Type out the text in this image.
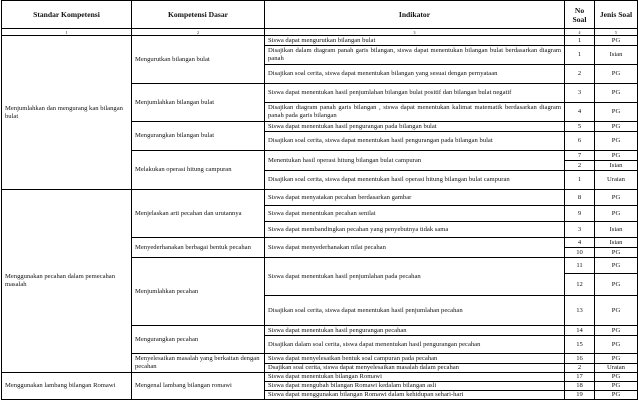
Standar Kompetensi	Kompetensi Dasar	Indikator	No Soal	Jenis Soal
1	2	3	4	5
Menjumlahkan dan mengurang kan bilangan bulat	Mengurutkan bilangan bulat	Siswa dapat mengurutkan bilangan bulat	1	PG
		Disajikan dalam diagram panah garis bilangan, siswa dapat menentukan bilangan bulat berdasarkan diagram panah	1	Isian
		Disajikan soal cerita, siswa dapat menentukan bilangan yang sesuai dengan pernyataan	2	PG
	Menjumlahkan bilangan bulat	Siswa dapat menentukan hasil penjumlahan bilangan bulat positif dan bilangan bulat negatif	3	PG
		Disajikan diagram panah garis bilangan , siswa dapat menentukan kalimat matematik berdasarkan diagram panah pada garis bilangan	4	PG
	Mengurangkan bilangan bulat	Siswa dapat menentukan hasil pengurangan pada bilangan bulat	5	PG
		Disajikan soal cerita, siswa dapat menentukan hasil pengurangan pada bilangan bulat	6	PG
	Melakukan operasi hitung campuran	Menentukan hasil operasi hitung bilangan bulat campuran	7	PG
			2	Isian
		Disajikan soal cerita, siswa dapat menentukan hasil operasi hitung bilangan bulat campuran	1	Uraian
Menggunakan pecahan dalam pemecahan masalah	Menjelaskan arti pecahan dan urutannya	Siswa dapat menyatakan pecahan berdasarkan gambar	8	PG
		Siswa dapat menentukan pecahan senilai	9	PG
		Siswa dapat membandingkan pecahan yang penyebutnya tidak sama	3	Isian
	Menyederhanakan berbagai bentuk pecahan	Siswa dapat menyederhanakan nilai pecahan	4	Isian
			10	PG
	Menjumlahkan pecahan	Siswa dapat menentukan hasil penjumlahan pada pecahan	11	PG
			12	PG
		Disajikan soal cerita, siswa dapat menentukan hasil penjumlahan pecahan	13	PG
	Mengurangkan pecahan	Siswa dapat menentukan hasil pengurangan pecahan	14	PG
		Disajikan dalam soal cerita, siswa dapat menentukan hasil pengurangan pecahan	15	PG
	Menyelesaikan masalah yang berkaitan dengan pecahan	Siswa dapat menyelesaikan bentuk soal campuran pada pecahan	16	PG
		Dsajikan soal cerita, siswa dapat menyelesaikan masalah dalam pecahan	2	Uraian
Menggunakan lambang bilangan Romawi	Mengenal lambang bilangan romawi	Siswa dapat menentukan bilangan Romawi	17	PG
		Siswa dapat mengubah bilangan Romawi kedalam bilangan asli	18	PG
		Siswa dapat menggunakan bilangan Romawi dalam kehidupan sehari-hari	19	PG
